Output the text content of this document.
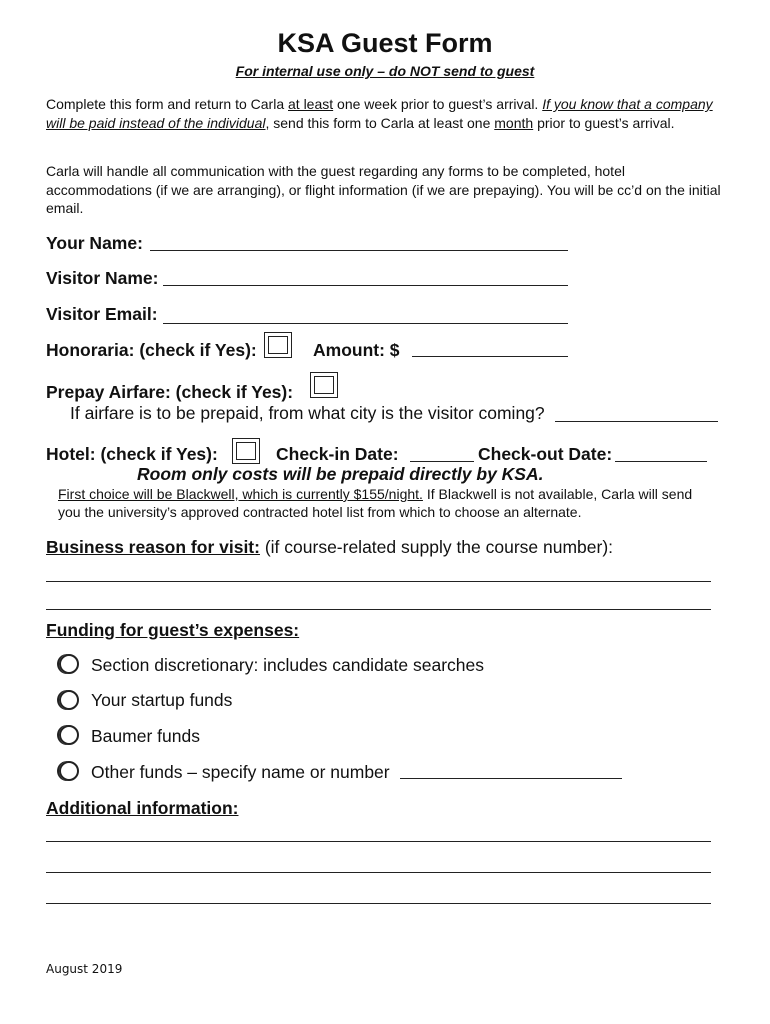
KSA Guest Form
For internal use only – do NOT send to guest
Complete this form and return to Carla at least one week prior to guest’s arrival. If you know that a company will be paid instead of the individual, send this form to Carla at least one month prior to guest’s arrival.
Carla will handle all communication with the guest regarding any forms to be completed, hotel accommodations (if we are arranging), or flight information (if we are prepaying). You will be cc’d on the initial email.
Your Name:
Visitor Name:
Visitor Email:
Honoraria: (check if Yes):	Amount: $
Prepay Airfare: (check if Yes):
If airfare is to be prepaid, from what city is the visitor coming?
Hotel: (check if Yes):	Check-in Date:	Check-out Date:
Room only costs will be prepaid directly by KSA.
First choice will be Blackwell, which is currently $155/night. If Blackwell is not available, Carla will send you the university’s approved contracted hotel list from which to choose an alternate.
Business reason for visit: (if course-related supply the course number):
Funding for guest’s expenses:
Section discretionary: includes candidate searches
Your startup funds
Baumer funds
Other funds – specify name or number
Additional information:
August 2019
